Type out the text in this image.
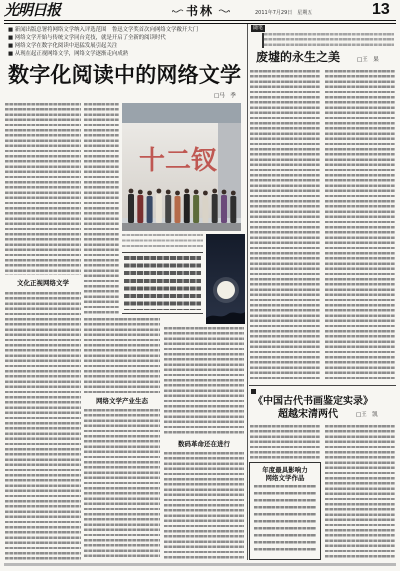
光明日报	书林	2011年7月29日　星期五	13
■ 新闻出版总署将网络文学纳入评选范围　鲁迅文学奖首次向网络文学敞开大门
■ 网络文学开始与传统文学同台竞技，就是开启了全新的阅读时代
■ 网络文学在数字化阅读中迅猛发展引起关注
■ 从现在起正视网络文学，网络文学逐渐走向成熟
数字化阅读中的网络文学
□马　季
文化正视网络文学
十二钗
网络文学产业生态
数码革命还在进行
随笔
废墟的永生之美	□王　果
《中国古代书画鉴定实录》
超越宋清两代	□王　凯
年度最具影响力
网络文学作品
